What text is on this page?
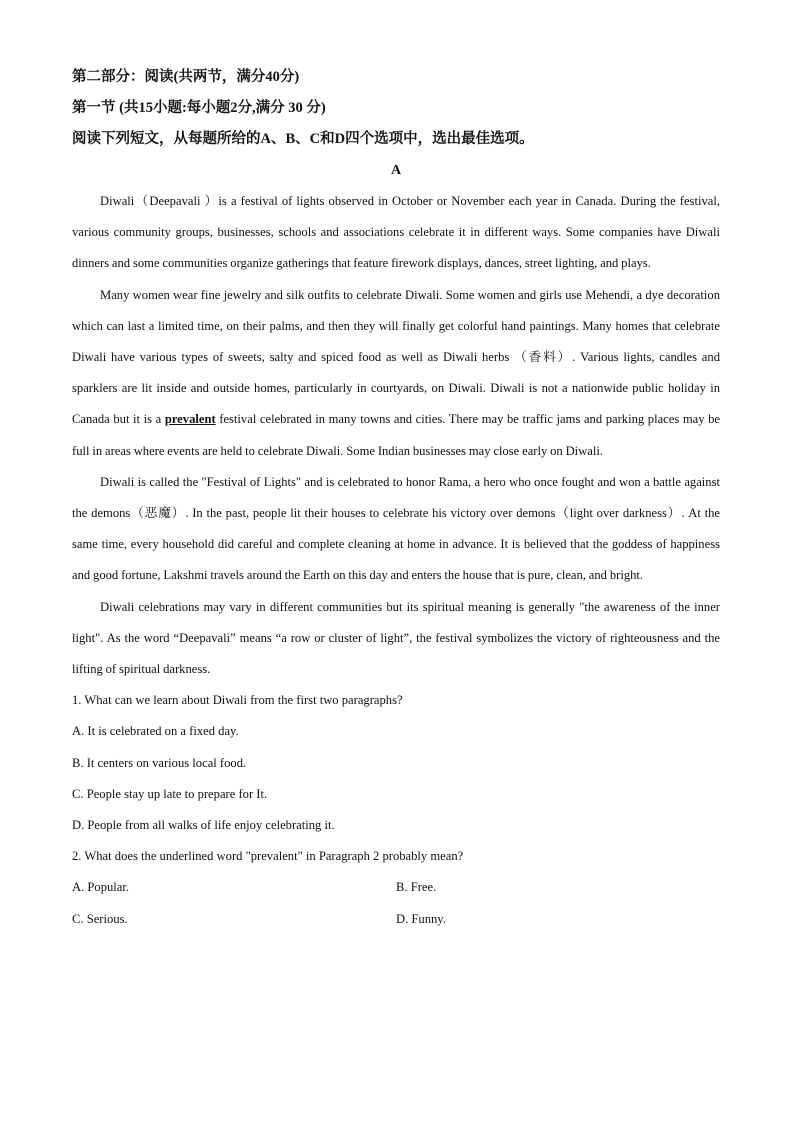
第二部分：阅读(共两节，满分40分)

第一节 (共15小题:每小题2分,满分 30 分)

阅读下列短文，从每题所给的A、B、C和D四个选项中，选出最佳选项。

A

Diwali（Deepavali ）is a festival of lights observed in October or November each year in Canada. During the festival, various community groups, businesses, schools and associations celebrate it in different ways. Some companies have Diwali dinners and some communities organize gatherings that feature firework displays, dances, street lighting, and plays.

Many women wear fine jewelry and silk outfits to celebrate Diwali. Some women and girls use Mehendi, a dye decoration which can last a limited time, on their palms, and then they will finally get colorful hand paintings. Many homes that celebrate Diwali have various types of sweets, salty and spiced food as well as Diwali herbs （香料）. Various lights, candles and sparklers are lit inside and outside homes, particularly in courtyards, on Diwali. Diwali is not a nationwide public holiday in Canada but it is a prevalent festival celebrated in many towns and cities. There may be traffic jams and parking places may be full in areas where events are held to celebrate Diwali. Some Indian businesses may close early on Diwali.

Diwali is called the "Festival of Lights" and is celebrated to honor Rama, a hero who once fought and won a battle against the demons（恶魔）. In the past, people lit their houses to celebrate his victory over demons（light over darkness）. At the same time, every household did careful and complete cleaning at home in advance. It is believed that the goddess of happiness and good fortune, Lakshmi travels around the Earth on this day and enters the house that is pure, clean, and bright.

Diwali celebrations may vary in different communities but its spiritual meaning is generally "the awareness of the inner light". As the word “Deepavali” means “a row or cluster of light”, the festival symbolizes the victory of righteousness and the lifting of spiritual darkness.

1. What can we learn about Diwali from the first two paragraphs?

A. It is celebrated on a fixed day.

B. It centers on various local food.

C. People stay up late to prepare for It.

D. People from all walks of life enjoy celebrating it.

2. What does the underlined word "prevalent" in Paragraph 2 probably mean?

A. Popular.	B. Free.

C. Serious.	D. Funny.
